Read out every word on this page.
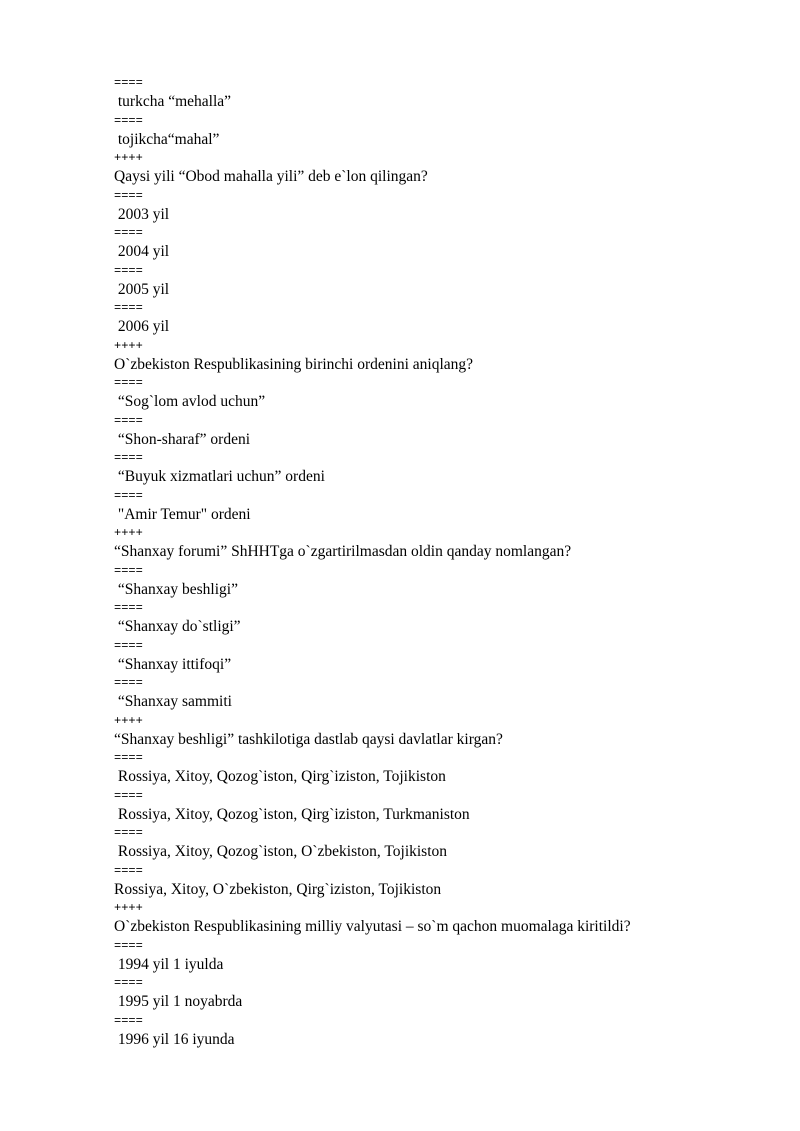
====
turkcha “mehalla”
====
tojikcha“mahal”
++++
Qaysi yili “Obod mahalla yili” deb e`lon qilingan?
====
2003 yil
====
2004 yil
====
2005 yil
====
2006 yil
++++
O`zbekiston Respublikasining birinchi ordenini aniqlang?
====
“Sog`lom avlod uchun”
====
“Shon-sharaf” ordeni
====
“Buyuk xizmatlari uchun” ordeni
====
"Amir Temur" ordeni
++++
“Shanxay forumi” ShHHTga o`zgartirilmasdan oldin qanday nomlangan?
====
“Shanxay beshligi”
====
“Shanxay do`stligi”
====
“Shanxay ittifoqi”
====
“Shanxay sammiti
++++
“Shanxay beshligi” tashkilotiga dastlab qaysi davlatlar kirgan?
====
Rossiya, Xitoy, Qozog`iston, Qirg`iziston, Tojikiston
====
Rossiya, Xitoy, Qozog`iston, Qirg`iziston, Turkmaniston
====
Rossiya, Xitoy, Qozog`iston, O`zbekiston, Tojikiston
====
Rossiya, Xitoy, O`zbekiston, Qirg`iziston, Tojikiston
++++
O`zbekiston Respublikasining milliy valyutasi – so`m qachon muomalaga kiritildi?
====
1994 yil 1 iyulda
====
1995 yil 1 noyabrda
====
1996 yil 16 iyunda
